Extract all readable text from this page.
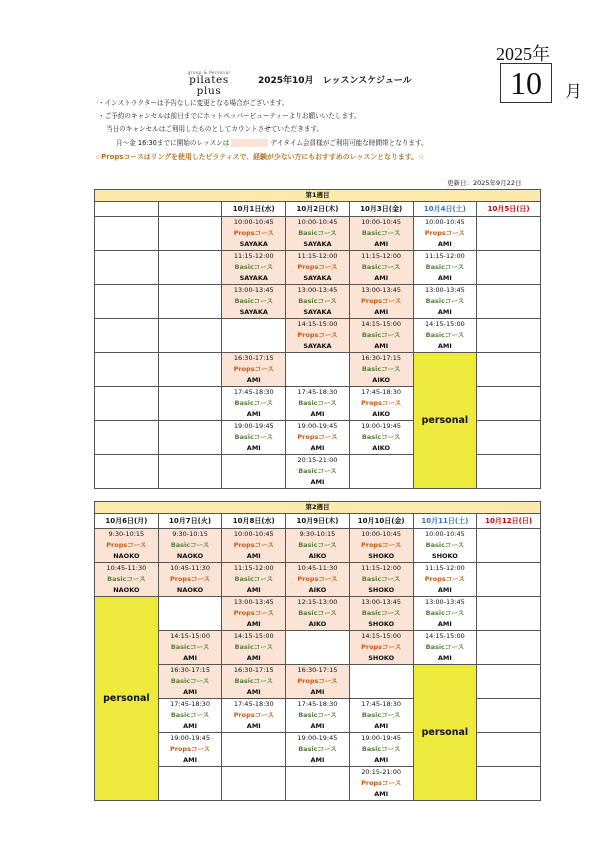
group & Personal
pilates plus
2025年10月　レッスンスケジュール
2025年
10	月
・インストラクターは予告なしに変更となる場合がございます。
・ご予約のキャンセルは前日までにホットペッパービューティーよりお願いいたします。
当日のキャンセルはご利用したものとしてカウントさせていただきます。
月～金 16:30までに開始のレッスンは 　　　　　	デイタイム会員様がご利用可能な時間帯となります。
☆Propsコースはリングを使用したピラティスで、経験が少ない方にもおすすめのレッスンとなります。☆
更新日：2025年9月22日
第1週目						
		10月1日(水)	10月2日(木)	10月3日(金)	10月4日(土)	10月5日(日)

		10:00-10:45
Propsコース
SAYAKA	10:00-10:45
Basicコース
SAYAKA	10:00-10:45
Basicコース
AMI	10:00-10:45
Propsコース
AMI	

		11:15-12:00
Basicコース
SAYAKA	11:15-12:00
Propsコース
SAYAKA	11:15-12:00
Basicコース
AMI	11:15-12:00
Basicコース
AMI	

		13:00-13:45
Basicコース
SAYAKA	13:00-13:45
Basicコース
SAYAKA	13:00-13:45
Propsコース
AMI	13:00-13:45
Basicコース
AMI	

			14:15-15:00
Propsコース
SAYAKA	14:15-15:00
Basicコース
AMI	14:15-15:00
Basicコース
AMI	

		16:30-17:15
Propsコース
AMI		16:30-17:15
Basicコース
AIKO	personal	

		17:45-18:30
Basicコース
AMI	17:45-18:30
Basicコース
AMI	17:45-18:30
Propsコース
AIKO		

		19:00-19:45
Basicコース
AMI	19:00-19:45
Propsコース
AMI	19:00-19:45
Basicコース
AIKO		

			20:15-21:00
Basicコース
AMI			

第2週目						
10月6日(月)	10月7日(火)	10月8日(水)	10月9日(木)	10月10日(金)	10月11日(土)	10月12日(日)

9:30-10:15
Propsコース
NAOKO	9:30-10:15
Basicコース
NAOKO	10:00-10:45
Propsコース
AMI	9:30-10:15
Basicコース
AIKO	10:00-10:45
Propsコース
SHOKO	10:00-10:45
Basicコース
SHOKO	

10:45-11:30
Basicコース
NAOKO	10:45-11:30
Propsコース
NAOKO	11:15-12:00
Basicコース
AMI	10:45-11:30
Propsコース
AIKO	11:15-12:00
Basicコース
SHOKO	11:15-12:00
Propsコース
AMI	

personal		13:00-13:45
Propsコース
AMI	12:15-13:00
Basicコース
AIKO	13:00-13:45
Basicコース
SHOKO	13:00-13:45
Basicコース
AMI	

	14:15-15:00
Basicコース
AMI	14:15-15:00
Basicコース
AMI		14:15-15:00
Propsコース
SHOKO	14:15-15:00
Basicコース
AMI	

	16:30-17:15
Basicコース
AMI	16:30-17:15
Basicコース
AMI	16:30-17:15
Propsコース
AMI		personal	

	17:45-18:30
Basicコース
AMI	17:45-18:30
Propsコース
AMI	17:45-18:30
Basicコース
AMI	17:45-18:30
Basicコース
AMI		

	19:00-19:45
Propsコース
AMI		19:00-19:45
Basicコース
AMI	19:00-19:45
Basicコース
AMI		

				20:15-21:00
Propsコース
AMI		
